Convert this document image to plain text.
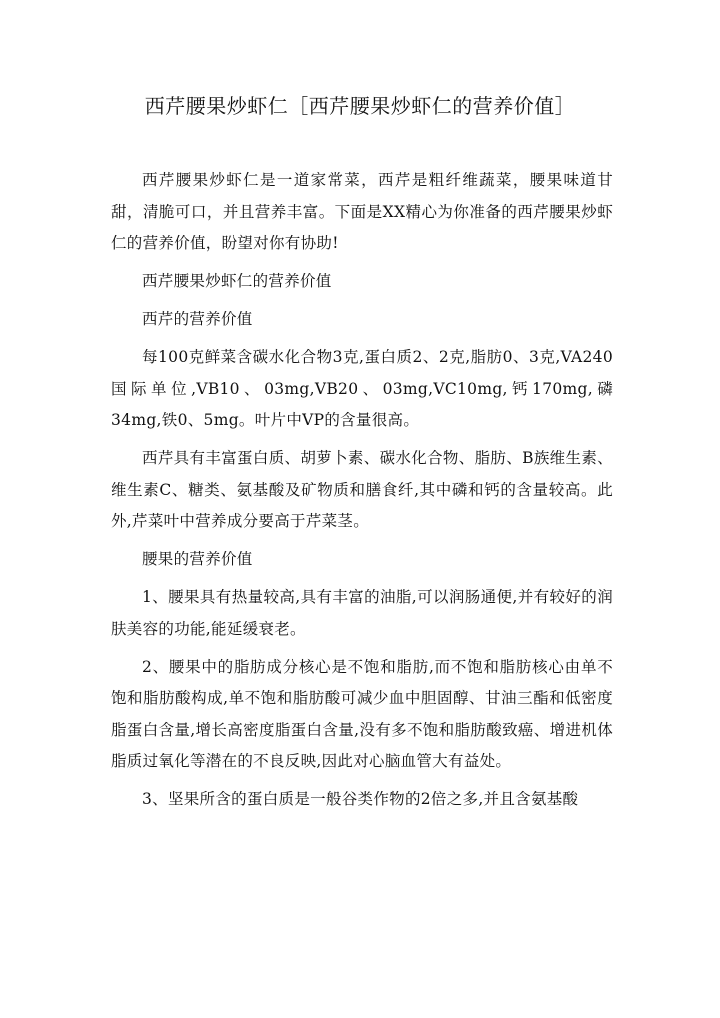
西芹腰果炒虾仁［西芹腰果炒虾仁的营养价值］

西芹腰果炒虾仁是一道家常菜，西芹是粗纤维蔬菜，腰果味道甘甜，清脆可口，并且营养丰富。下面是XX精心为你准备的西芹腰果炒虾仁的营养价值，盼望对你有协助!

西芹腰果炒虾仁的营养价值

西芹的营养价值

每100克鲜菜含碳水化合物3克,蛋白质2、2克,脂肪0、3克,VA240国际单位,VB10、03mg,VB20、03mg,VC10mg,钙170mg,磷34mg,铁0、5mg。叶片中VP的含量很高。

西芹具有丰富蛋白质、胡萝卜素、碳水化合物、脂肪、B族维生素、维生素C、糖类、氨基酸及矿物质和膳食纤,其中磷和钙的含量较高。此外,芹菜叶中营养成分要高于芹菜茎。

腰果的营养价值

1、腰果具有热量较高,具有丰富的油脂,可以润肠通便,并有较好的润肤美容的功能,能延缓衰老。

2、腰果中的脂肪成分核心是不饱和脂肪,而不饱和脂肪核心由单不饱和脂肪酸构成,单不饱和脂肪酸可减少血中胆固醇、甘油三酯和低密度脂蛋白含量,增长高密度脂蛋白含量,没有多不饱和脂肪酸致癌、增进机体脂质过氧化等潜在的不良反映,因此对心脑血管大有益处。

3、坚果所含的蛋白质是一般谷类作物的2倍之多,并且含氨基酸
